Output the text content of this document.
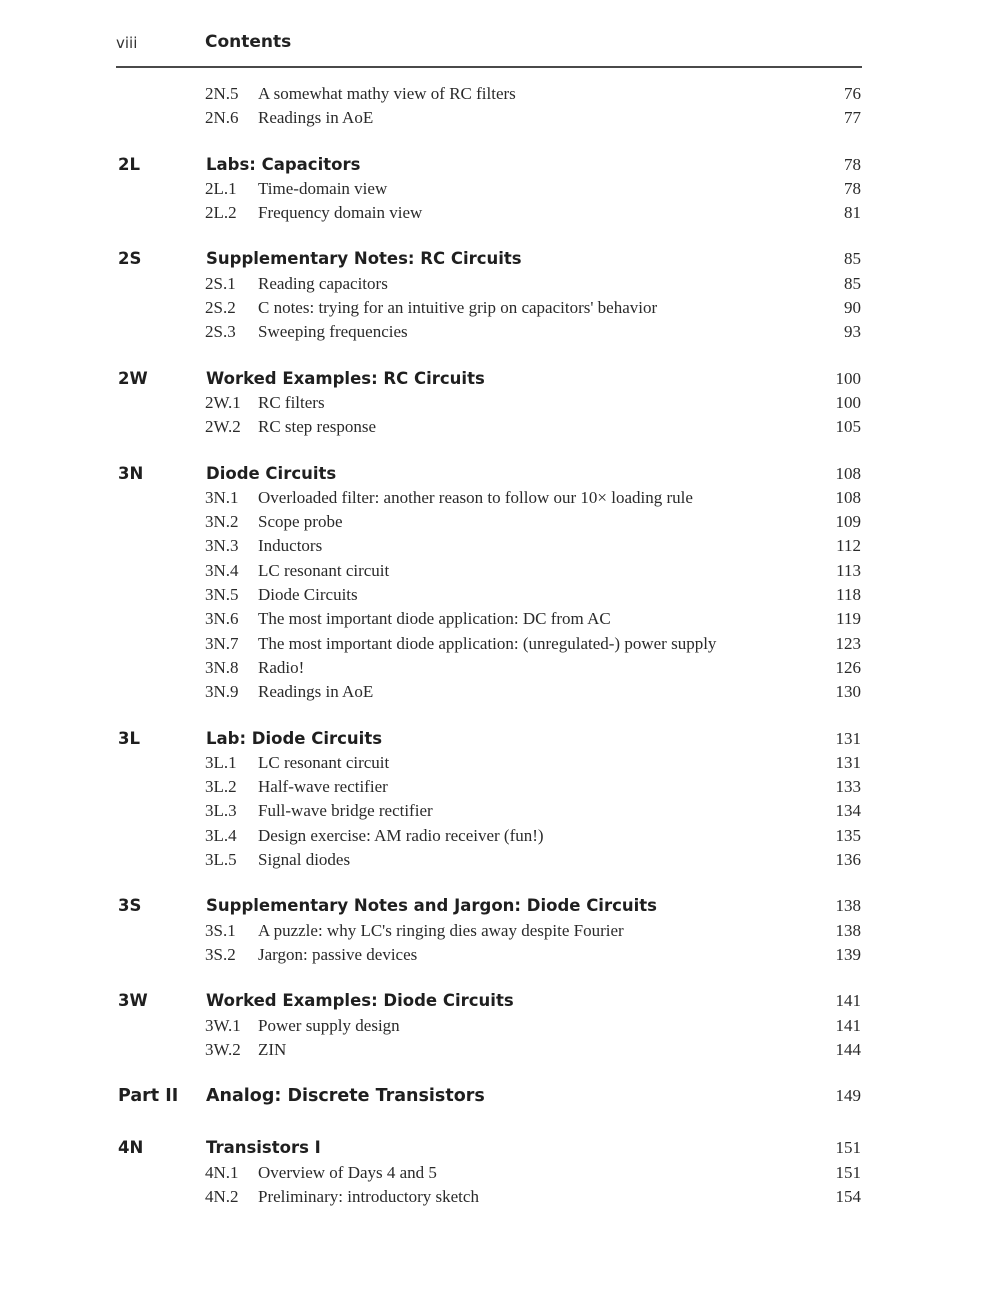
viii	Contents
2N.5 A somewhat mathy view of RC filters	76
2N.6 Readings in AoE	77
2L	Labs: Capacitors	78
2L.1 Time-domain view	78
2L.2 Frequency domain view	81
2S	Supplementary Notes: RC Circuits	85
2S.1 Reading capacitors	85
2S.2 C notes: trying for an intuitive grip on capacitors' behavior	90
2S.3 Sweeping frequencies	93
2W	Worked Examples: RC Circuits	100
2W.1 RC filters	100
2W.2 RC step response	105
3N	Diode Circuits	108
3N.1 Overloaded filter: another reason to follow our 10× loading rule	108
3N.2 Scope probe	109
3N.3 Inductors	112
3N.4 LC resonant circuit	113
3N.5 Diode Circuits	118
3N.6 The most important diode application: DC from AC	119
3N.7 The most important diode application: (unregulated-) power supply	123
3N.8 Radio!	126
3N.9 Readings in AoE	130
3L	Lab: Diode Circuits	131
3L.1 LC resonant circuit	131
3L.2 Half-wave rectifier	133
3L.3 Full-wave bridge rectifier	134
3L.4 Design exercise: AM radio receiver (fun!)	135
3L.5 Signal diodes	136
3S	Supplementary Notes and Jargon: Diode Circuits	138
3S.1 A puzzle: why LC's ringing dies away despite Fourier	138
3S.2 Jargon: passive devices	139
3W	Worked Examples: Diode Circuits	141
3W.1 Power supply design	141
3W.2 ZIN	144
Part II Analog: Discrete Transistors	149
4N	Transistors I	151
4N.1 Overview of Days 4 and 5	151
4N.2 Preliminary: introductory sketch	154
